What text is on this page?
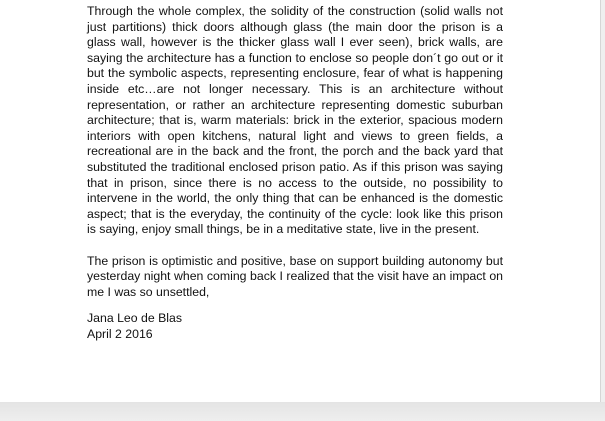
Through the whole complex, the solidity of the construction (solid walls not just partitions) thick doors although glass (the main door the prison is a glass wall, however is the thicker glass wall I ever seen), brick walls, are saying the architecture has a function to enclose so people don´t go out or it but the symbolic aspects, representing enclosure, fear of what is happening inside etc…are not longer necessary. This is an architecture without representation, or rather an architecture representing domestic suburban architecture; that is, warm materials: brick in the exterior, spacious modern interiors with open kitchens, natural light and views to green fields, a recreational are in the back and the front, the porch and the back yard that substituted the traditional enclosed prison patio. As if this prison was saying that in prison, since there is no access to the outside, no possibility to intervene in the world, the only thing that can be enhanced is the domestic aspect; that is the everyday, the continuity of the cycle: look like this prison is saying, enjoy small things, be in a meditative state, live in the present.

The prison is optimistic and positive, base on support building autonomy but yesterday night when coming back I realized that the visit have an impact on me I was so unsettled,

Jana Leo de Blas
April 2 2016
